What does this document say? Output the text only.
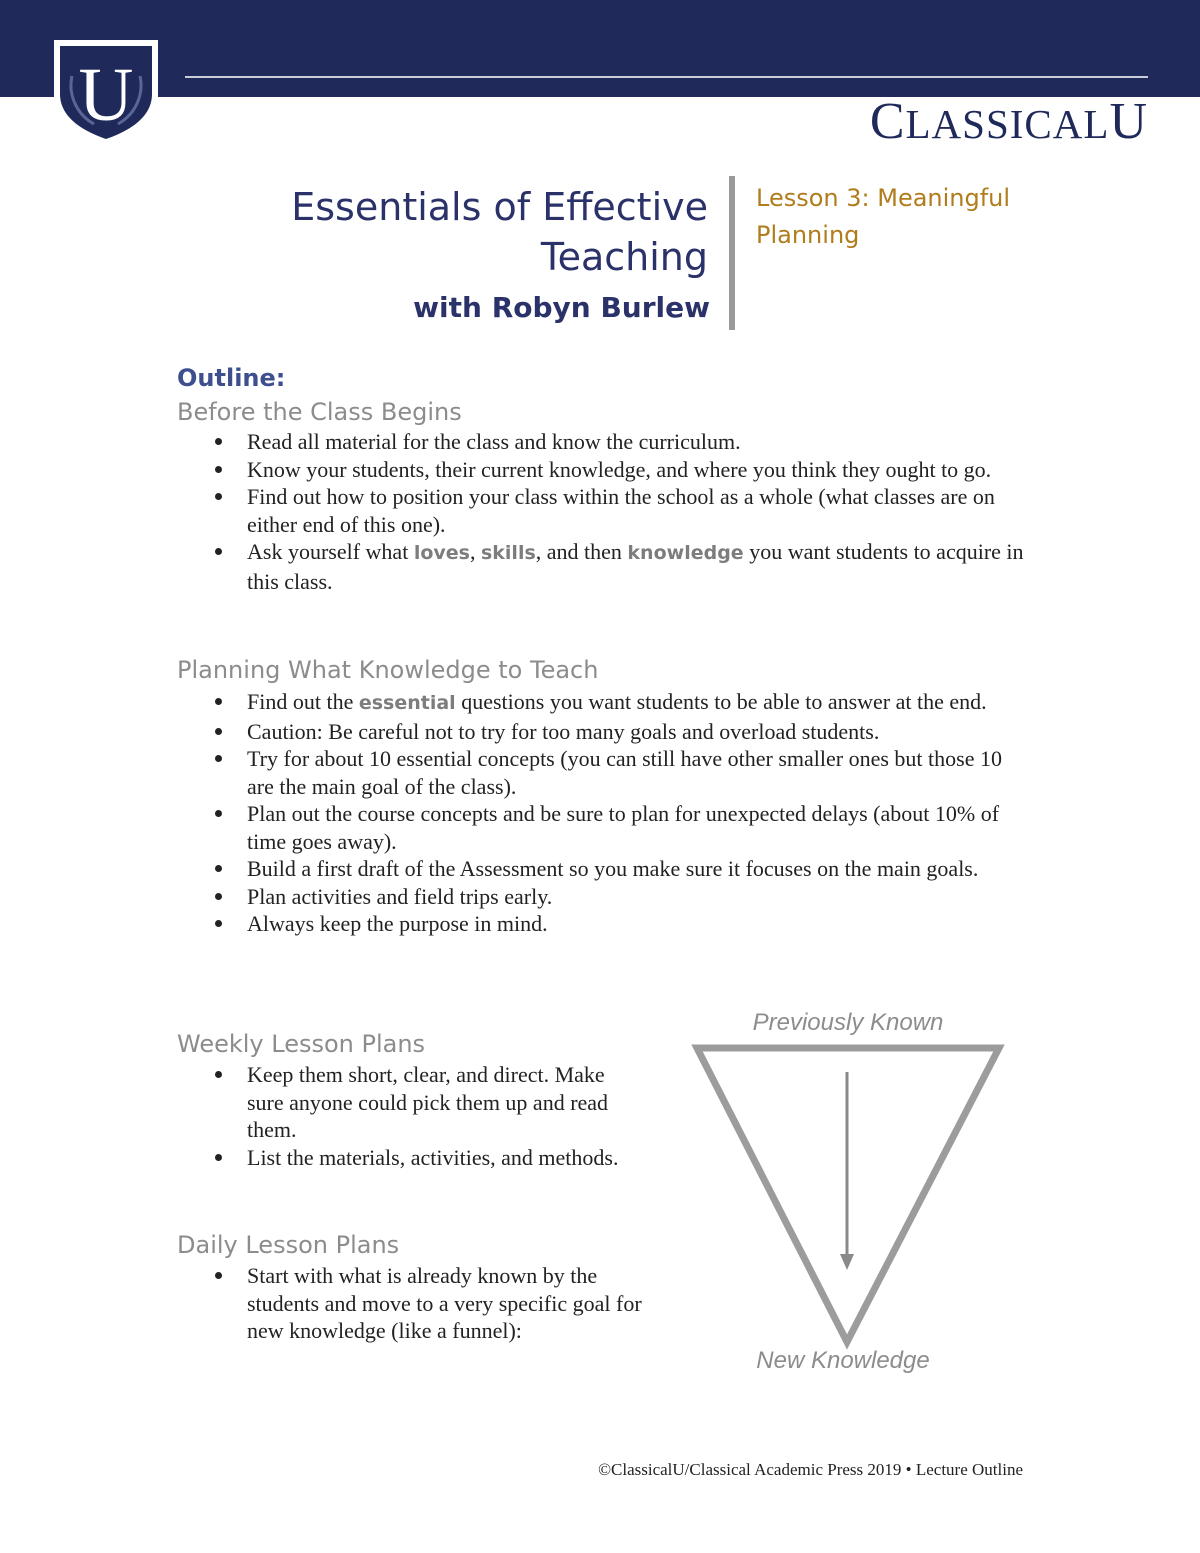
U	CLASSICALU
Essentials of Effective
Teaching
with Robyn Burlew
Lesson 3: Meaningful
Planning
Outline:
Before the Class Begins
Read all material for the class and know the curriculum.
Know your students, their current knowledge, and where you think they ought to go.
Find out how to position your class within the school as a whole (what classes are on either end of this one).
Ask yourself what loves, skills, and then knowledge you want students to acquire in this class.
Planning What Knowledge to Teach
Find out the essential questions you want students to be able to answer at the end.
Caution: Be careful not to try for too many goals and overload students.
Try for about 10 essential concepts (you can still have other smaller ones but those 10 are the main goal of the class).
Plan out the course concepts and be sure to plan for unexpected delays (about 10% of time goes away).
Build a first draft of the Assessment so you make sure it focuses on the main goals.
Plan activities and field trips early.
Always keep the purpose in mind.
Weekly Lesson Plans
Keep them short, clear, and direct. Make sure anyone could pick them up and read them.
List the materials, activities, and methods.
Daily Lesson Plans
Start with what is already known by the students and move to a very specific goal for new knowledge (like a funnel):
Previously Known
New Knowledge
©ClassicalU/Classical Academic Press 2019 • Lecture Outline
